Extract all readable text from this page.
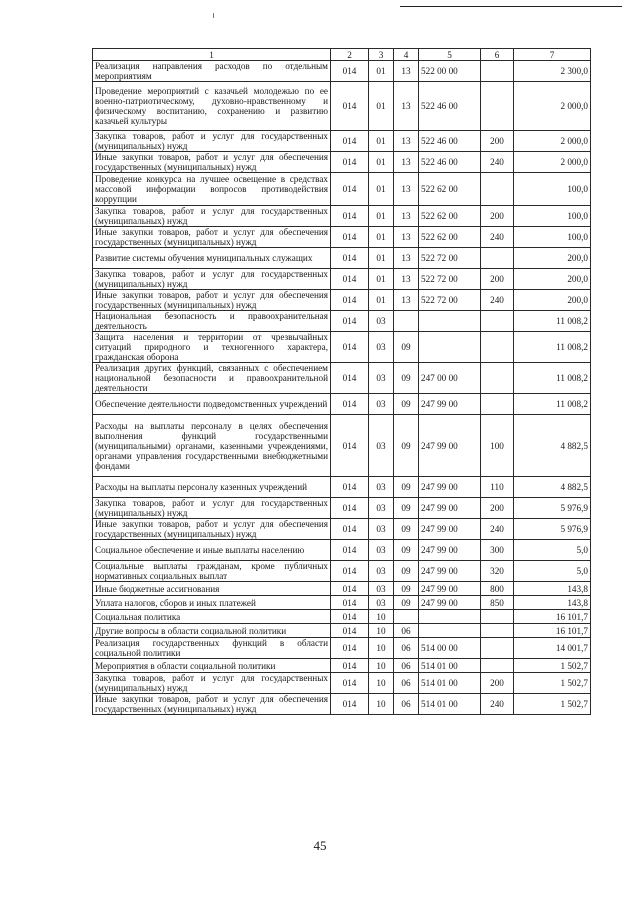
1	2	3	4	5	6	7
Реализация направления расходов по отдельным мероприятиям	014	01	13	522 00 00		2 300,0
Проведение мероприятий с казачьей молодежью по ее военно-патриотическому, духовно-нравственному и физическому воспитанию, сохранению и развитию казачьей культуры	014	01	13	522 46 00		2 000,0
Закупка товаров, работ и услуг для государственных (муниципальных) нужд	014	01	13	522 46 00	200	2 000,0
Иные закупки товаров, работ и услуг для обеспечения государственных (муниципальных) нужд	014	01	13	522 46 00	240	2 000,0
Проведение конкурса на лучшее освещение в средствах массовой информации вопросов противодействия коррупции	014	01	13	522 62 00		100,0
Закупка товаров, работ и услуг для государственных (муниципальных) нужд	014	01	13	522 62 00	200	100,0
Иные закупки товаров, работ и услуг для обеспечения государственных (муниципальных) нужд	014	01	13	522 62 00	240	100,0
Развитие системы обучения муниципальных служащих	014	01	13	522 72 00		200,0
Закупка товаров, работ и услуг для государственных (муниципальных) нужд	014	01	13	522 72 00	200	200,0
Иные закупки товаров, работ и услуг для обеспечения государственных (муниципальных) нужд	014	01	13	522 72 00	240	200,0
Национальная безопасность и правоохранительная деятельность	014	03				11 008,2
Защита населения и территории от чрезвычайных ситуаций природного и техногенного характера, гражданская оборона	014	03	09			11 008,2
Реализация других функций, связанных с обеспечением национальной безопасности и правоохранительной деятельности	014	03	09	247 00 00		11 008,2
Обеспечение деятельности подведомственных учреждений	014	03	09	247 99 00		11 008,2
Расходы на выплаты персоналу в целях обеспечения выполнения функций государственными (муниципальными) органами, казенными учреждениями, органами управления государственными внебюджетными фондами	014	03	09	247 99 00	100	4 882,5
Расходы на выплаты персоналу казенных учреждений	014	03	09	247 99 00	110	4 882,5
Закупка товаров, работ и услуг для государственных (муниципальных) нужд	014	03	09	247 99 00	200	5 976,9
Иные закупки товаров, работ и услуг для обеспечения государственных (муниципальных) нужд	014	03	09	247 99 00	240	5 976,9
Социальное обеспечение и иные выплаты населению	014	03	09	247 99 00	300	5,0
Социальные выплаты гражданам, кроме публичных нормативных социальных выплат	014	03	09	247 99 00	320	5,0
Иные бюджетные ассигнования	014	03	09	247 99 00	800	143,8
Уплата налогов, сборов и иных платежей	014	03	09	247 99 00	850	143,8
Социальная политика	014	10				16 101,7
Другие вопросы в области социальной политики	014	10	06			16 101,7
Реализация государственных функций в области социальной политики	014	10	06	514 00 00		14 001,7
Мероприятия в области социальной политики	014	10	06	514 01 00		1 502,7
Закупка товаров, работ и услуг для государственных (муниципальных) нужд	014	10	06	514 01 00	200	1 502,7
Иные закупки товаров, работ и услуг для обеспечения государственных (муниципальных) нужд	014	10	06	514 01 00	240	1 502,7
45
